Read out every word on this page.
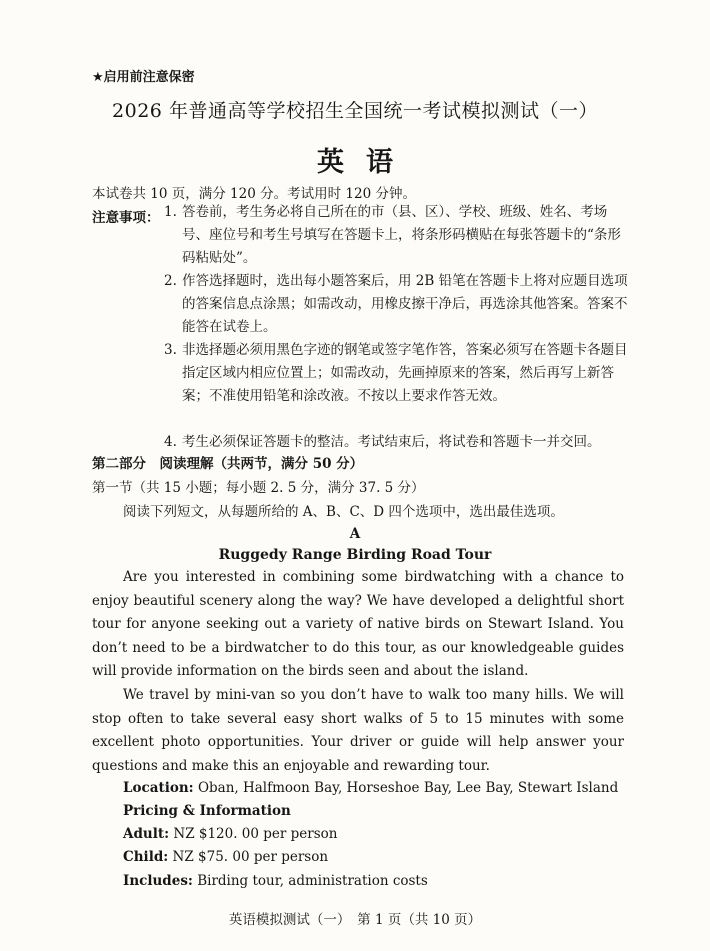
★启用前注意保密
2026 年普通高等学校招生全国统一考试模拟测试（一）
英语
本试卷共 10 页，满分 120 分。考试用时 120 分钟。
注意事项： 1. 答卷前，考生务必将自己所在的市（县、区）、学校、班级、姓名、考场号、座位号和考生号填写在答题卡上，将条形码横贴在每张答题卡的“条形码粘贴处”。
2. 作答选择题时，选出每小题答案后，用 2B 铅笔在答题卡上将对应题目选项的答案信息点涂黑；如需改动，用橡皮擦干净后，再选涂其他答案。答案不能答在试卷上。
3. 非选择题必须用黑色字迹的钢笔或签字笔作答，答案必须写在答题卡各题目指定区域内相应位置上；如需改动，先画掉原来的答案，然后再写上新答案；不准使用铅笔和涂改液。不按以上要求作答无效。
4. 考生必须保证答题卡的整洁。考试结束后，将试卷和答题卡一并交回。
第二部分　阅读理解（共两节，满分 50 分）
第一节（共 15 小题；每小题 2. 5 分，满分 37. 5 分）
阅读下列短文，从每题所给的 A、B、C、D 四个选项中，选出最佳选项。
A
Ruggedy Range Birding Road Tour
Are you interested in combining some birdwatching with a chance to enjoy beautiful scenery along the way? We have developed a delightful short tour for anyone seeking out a variety of native birds on Stewart Island. You don’t need to be a birdwatcher to do this tour, as our knowledgeable guides will provide information on the birds seen and about the island.
We travel by mini-van so you don’t have to walk too many hills. We will stop often to take several easy short walks of 5 to 15 minutes with some excellent photo opportunities. Your driver or guide will help answer your questions and make this an enjoyable and rewarding tour.
Location: Oban, Halfmoon Bay, Horseshoe Bay, Lee Bay, Stewart Island
Pricing & Information
Adult: NZ $120. 00 per person
Child: NZ $75. 00 per person
Includes: Birding tour, administration costs
英语模拟测试（一）　第 1 页（共 10 页）
